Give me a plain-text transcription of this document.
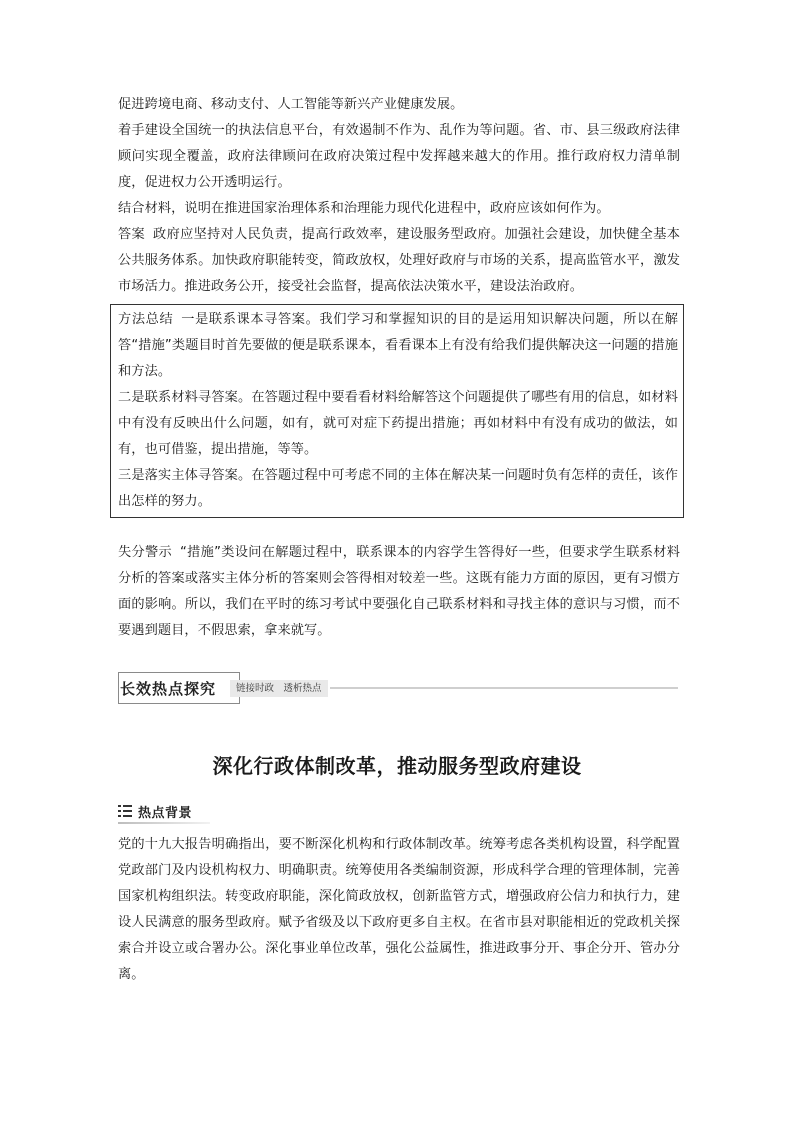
促进跨境电商、移动支付、人工智能等新兴产业健康发展。

着手建设全国统一的执法信息平台，有效遏制不作为、乱作为等问题。省、市、县三级政府法律顾问实现全覆盖，政府法律顾问在政府决策过程中发挥越来越大的作用。推行政府权力清单制度，促进权力公开透明运行。

结合材料，说明在推进国家治理体系和治理能力现代化进程中，政府应该如何作为。

答案 政府应坚持对人民负责，提高行政效率，建设服务型政府。加强社会建设，加快健全基本公共服务体系。加快政府职能转变，简政放权，处理好政府与市场的关系，提高监管水平，激发市场活力。推进政务公开，接受社会监督，提高依法决策水平，建设法治政府。

方法总结 一是联系课本寻答案。我们学习和掌握知识的目的是运用知识解决问题，所以在解答“措施”类题目时首先要做的便是联系课本，看看课本上有没有给我们提供解决这一问题的措施和方法。

二是联系材料寻答案。在答题过程中要看看材料给解答这个问题提供了哪些有用的信息，如材料中有没有反映出什么问题，如有，就可对症下药提出措施；再如材料中有没有成功的做法，如有，也可借鉴，提出措施，等等。

三是落实主体寻答案。在答题过程中可考虑不同的主体在解决某一问题时负有怎样的责任，该作出怎样的努力。

失分警示 “措施”类设问在解题过程中，联系课本的内容学生答得好一些，但要求学生联系材料分析的答案或落实主体分析的答案则会答得相对较差一些。这既有能力方面的原因，更有习惯方面的影响。所以，我们在平时的练习考试中要强化自己联系材料和寻找主体的意识与习惯，而不要遇到题目，不假思索，拿来就写。

长效热点探究	链接时政　透析热点
深化行政体制改革，推动服务型政府建设
热点背景

党的十九大报告明确指出，要不断深化机构和行政体制改革。统筹考虑各类机构设置，科学配置党政部门及内设机构权力、明确职责。统筹使用各类编制资源，形成科学合理的管理体制，完善国家机构组织法。转变政府职能，深化简政放权，创新监管方式，增强政府公信力和执行力，建设人民满意的服务型政府。赋予省级及以下政府更多自主权。在省市县对职能相近的党政机关探索合并设立或合署办公。深化事业单位改革，强化公益属性，推进政事分开、事企分开、管办分离。
